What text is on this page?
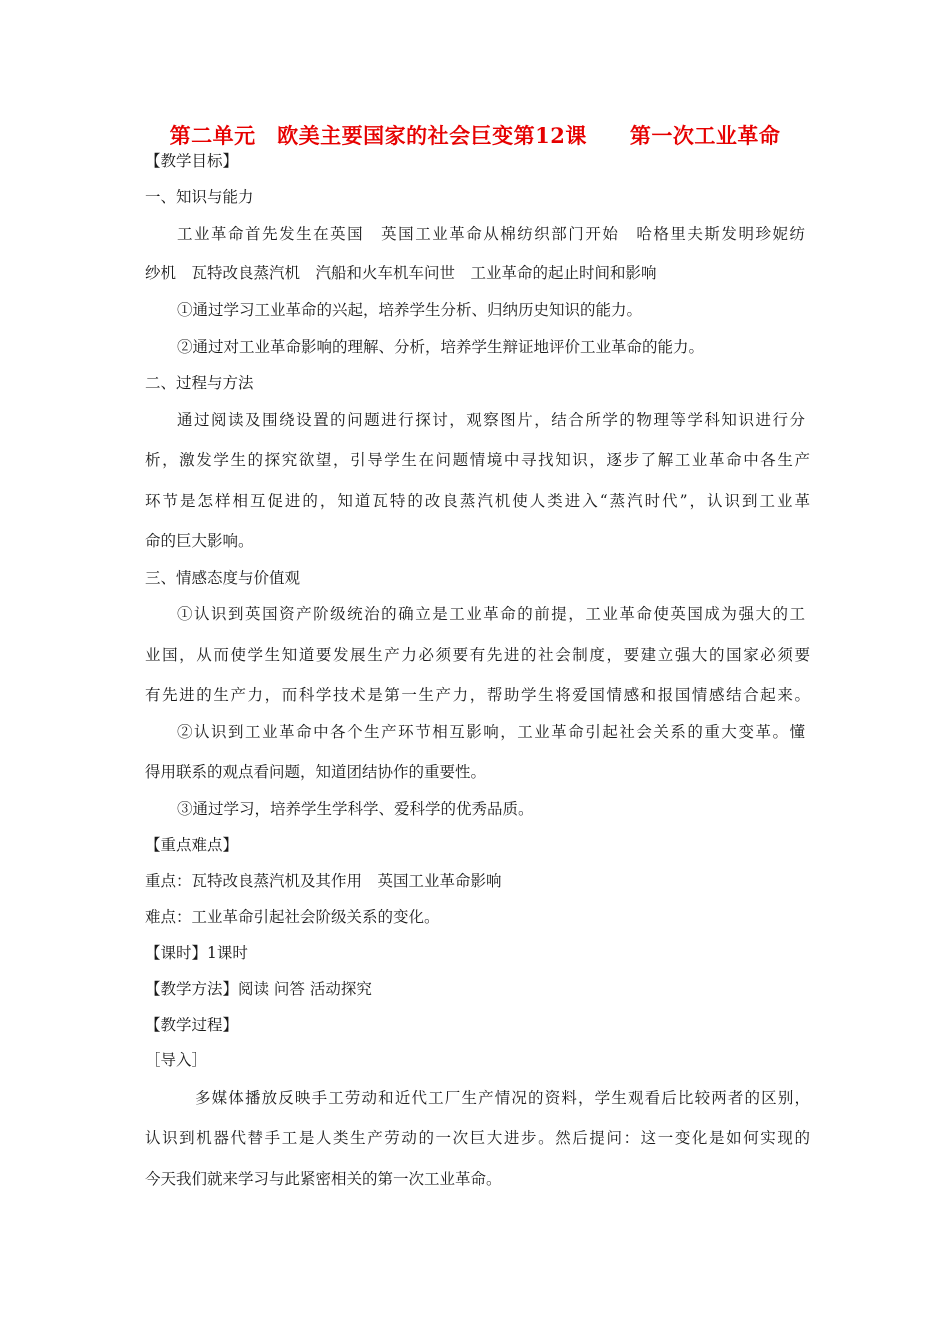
第二单元　欧美主要国家的社会巨变第12课　　第一次工业革命
【教学目标】
一、知识与能力
工业革命首先发生在英国　英国工业革命从棉纺织部门开始　哈格里夫斯发明珍妮纺
纱机　瓦特改良蒸汽机　汽船和火车机车问世　工业革命的起止时间和影响
①通过学习工业革命的兴起，培养学生分析、归纳历史知识的能力。
②通过对工业革命影响的理解、分析，培养学生辩证地评价工业革命的能力。
二、过程与方法
通过阅读及围绕设置的问题进行探讨，观察图片，结合所学的物理等学科知识进行分
析，激发学生的探究欲望，引导学生在问题情境中寻找知识，逐步了解工业革命中各生产
环节是怎样相互促进的，知道瓦特的改良蒸汽机使人类进入“蒸汽时代”，认识到工业革
命的巨大影响。
三、情感态度与价值观
①认识到英国资产阶级统治的确立是工业革命的前提，工业革命使英国成为强大的工
业国，从而使学生知道要发展生产力必须要有先进的社会制度，要建立强大的国家必须要
有先进的生产力，而科学技术是第一生产力，帮助学生将爱国情感和报国情感结合起来。
②认识到工业革命中各个生产环节相互影响，工业革命引起社会关系的重大变革。懂
得用联系的观点看问题，知道团结协作的重要性。
③通过学习，培养学生学科学、爱科学的优秀品质。
【重点难点】
重点：瓦特改良蒸汽机及其作用　英国工业革命影响
难点：工业革命引起社会阶级关系的变化。
【课时】1课时
【教学方法】阅读 问答 活动探究
【教学过程】
［导入］
多媒体播放反映手工劳动和近代工厂生产情况的资料，学生观看后比较两者的区别，
认识到机器代替手工是人类生产劳动的一次巨大进步。然后提问：这一变化是如何实现的
今天我们就来学习与此紧密相关的第一次工业革命。
